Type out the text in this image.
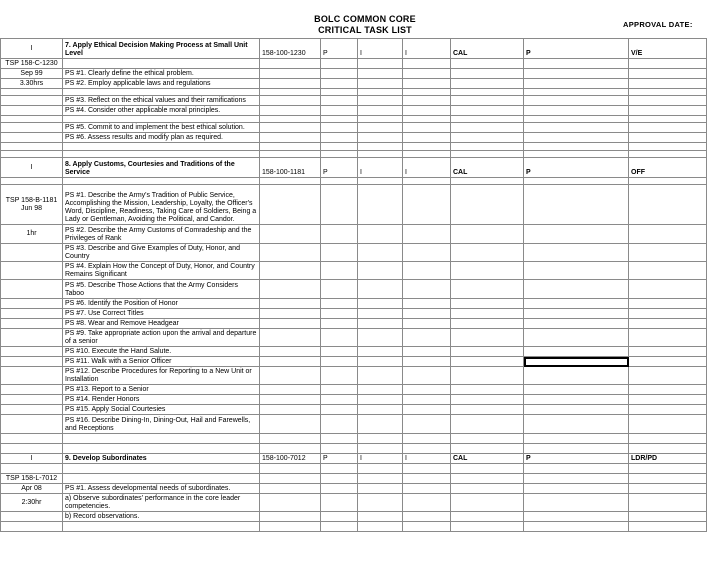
BOLC COMMON CORE
CRITICAL TASK LIST
APPROVAL DATE:
I	7. Apply Ethical Decision Making Process at Small Unit Level	158-100-1230	P	I	I	CAL	P	V/E
TSP 158-C-1230								
Sep 99	PS #1. Clearly define the ethical problem.							
3.30hrs	PS #2. Employ applicable laws and regulations							

	PS #3. Reflect on the ethical values and their ramifications							
	PS #4. Consider other applicable moral principles.							

	PS #5. Commit to and implement the best ethical solution.							
	PS #6. Assess results and modify plan as required.							

I	8. Apply Customs, Courtesies and Traditions of the Service	158-100-1181	P	I	I	CAL	P	OFF

TSP 158-B-1181
Jun 98	PS #1. Describe the Army's Tradition of Public Service, Accomplishing the Mission, Leadership, Loyalty, the Officer's Word, Discipline, Readiness, Taking Care of Soldiers, Being a Lady or Gentleman, Avoiding the Political, and Candor.							
1hr	PS #2. Describe the Army Customs of Comradeship and the Privileges of Rank							
	PS #3. Describe and Give Examples of Duty, Honor, and Country							
	PS #4. Explain How the Concept of Duty, Honor, and Country Remains Significant							
	PS #5. Describe Those Actions that the Army Considers Taboo							
	PS #6. Identify the Position of Honor							
	PS #7. Use Correct Titles							
	PS #8. Wear and Remove Headgear							
	PS #9. Take appropriate action upon the arrival and departure of a senior							
	PS #10. Execute the Hand Salute.							
	PS #11. Walk with a Senior Officer							
	PS #12. Describe Procedures for Reporting to a New Unit or Installation							
	PS #13. Report to a Senior							
	PS #14. Render Honors							
	PS #15. Apply Social Courtesies							
	PS #16. Describe Dining-In, Dining-Out, Hail and Farewells, and Receptions							

I	9. Develop Subordinates	158-100-7012	P	I	I	CAL	P	LDR/PD

TSP 158-L-7012								
Apr 08	PS #1. Assess developmental needs of subordinates.							
2:30hr	a) Observe subordinates' performance in the core leader competencies.							
	b) Record observations.							
